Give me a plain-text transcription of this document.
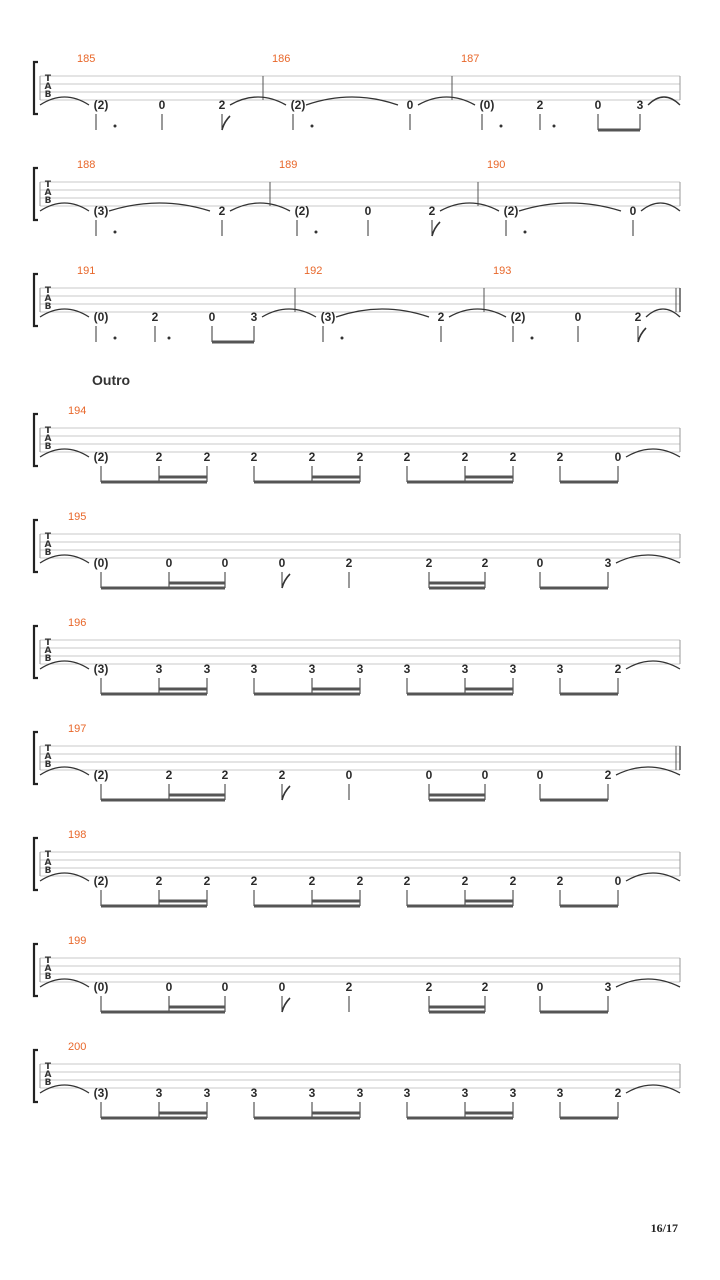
T
A
B
185
(2)	0	2
186
(2)	0
187
(0)	2	0	3
T
A
B
188
(3)	2
189
(2)	0	2
190
(2)	0
T
A
B
191
(0)	2	0	3
192
(3)	2
193
(2)	0	2
T
A
B
194
(2)	2	2	2	2	2	2	2	2	2	0
T
A
B
195
(0)	0	0	0	2	2	2	0	3
T
A
B
196
(3)	3	3	3	3	3	3	3	3	3	2
T
A
B
197
(2)	2	2	2	0	0	0	0	2
T
A
B
198
(2)	2	2	2	2	2	2	2	2	2	0
T
A
B
199
(0)	0	0	0	2	2	2	0	3
T
A
B
200
(3)	3	3	3	3	3	3	3	3	3	2
Outro
16/17
